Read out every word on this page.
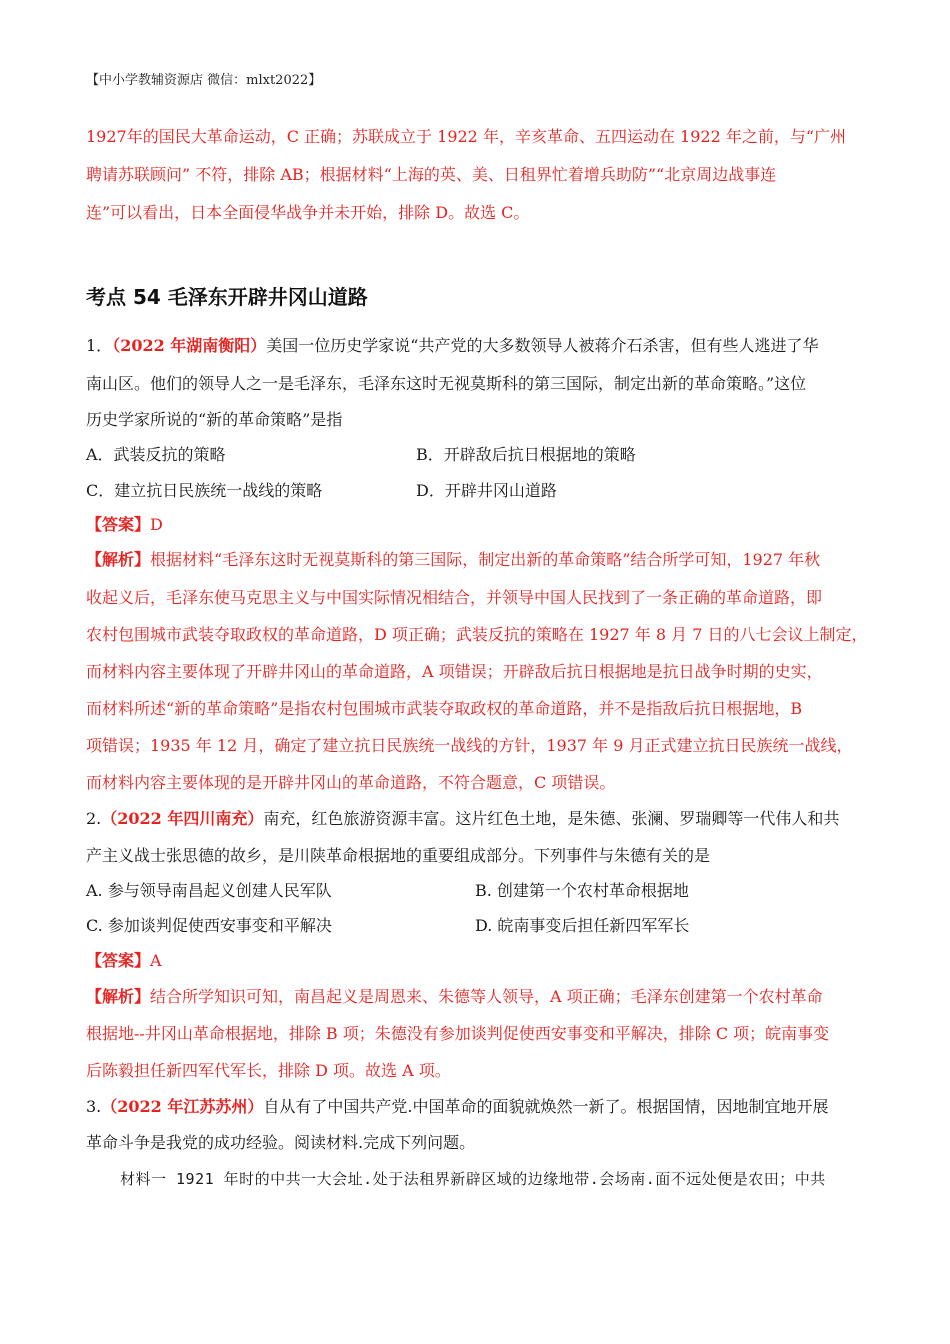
【中小学教辅资源店 微信：mlxt2022】
1927年的国民大革命运动，C 正确；苏联成立于 1922 年，辛亥革命、五四运动在 1922 年之前，与“广州
聘请苏联顾问” 不符，排除 AB；根据材料“上海的英、美、日租界忙着增兵助防”“北京周边战事连
连”可以看出，日本全面侵华战争并未开始，排除 D。故选 C。
考点 54 毛泽东开辟井冈山道路
1．（2022 年湖南衡阳）美国一位历史学家说“共产党的大多数领导人被蒋介石杀害，但有些人逃进了华
南山区。他们的领导人之一是毛泽东，毛泽东这时无视莫斯科的第三国际，制定出新的革命策略。”这位
历史学家所说的“新的革命策略”是指
A．武装反抗的策略	B．开辟敌后抗日根据地的策略
C．建立抗日民族统一战线的策略	D．开辟井冈山道路
【答案】D
【解析】根据材料“毛泽东这时无视莫斯科的第三国际，制定出新的革命策略”结合所学可知，1927 年秋
收起义后，毛泽东使马克思主义与中国实际情况相结合，并领导中国人民找到了一条正确的革命道路，即
农村包围城市武装夺取政权的革命道路，D 项正确；武装反抗的策略在 1927 年 8 月 7 日的八七会议上制定，
而材料内容主要体现了开辟井冈山的革命道路，A 项错误；开辟敌后抗日根据地是抗日战争时期的史实，
而材料所述“新的革命策略”是指农村包围城市武装夺取政权的革命道路，并不是指敌后抗日根据地，B
项错误；1935 年 12 月，确定了建立抗日民族统一战线的方针，1937 年 9 月正式建立抗日民族统一战线，
而材料内容主要体现的是开辟井冈山的革命道路，不符合题意，C 项错误。
2.（2022 年四川南充）南充，红色旅游资源丰富。这片红色土地，是朱德、张澜、罗瑞卿等一代伟人和共
产主义战士张思德的故乡，是川陕革命根据地的重要组成部分。下列事件与朱德有关的是
A. 参与领导南昌起义创建人民军队	B. 创建第一个农村革命根据地
C. 参加谈判促使西安事变和平解决	D. 皖南事变后担任新四军军长
【答案】A
【解析】结合所学知识可知，南昌起义是周恩来、朱德等人领导，A 项正确；毛泽东创建第一个农村革命
根据地--井冈山革命根据地，排除 B 项；朱德没有参加谈判促使西安事变和平解决，排除 C 项；皖南事变
后陈毅担任新四军代军长，排除 D 项。故选 A 项。
3.（2022 年江苏苏州）自从有了中国共产党.中国革命的面貌就焕然一新了。根据国情，因地制宜地开展
革命斗争是我党的成功经验。阅读材料.完成下列问题。
材料一 1921 年时的中共一大会址.处于法租界新辟区域的边缘地带.会场南.面不远处便是农田；中共
